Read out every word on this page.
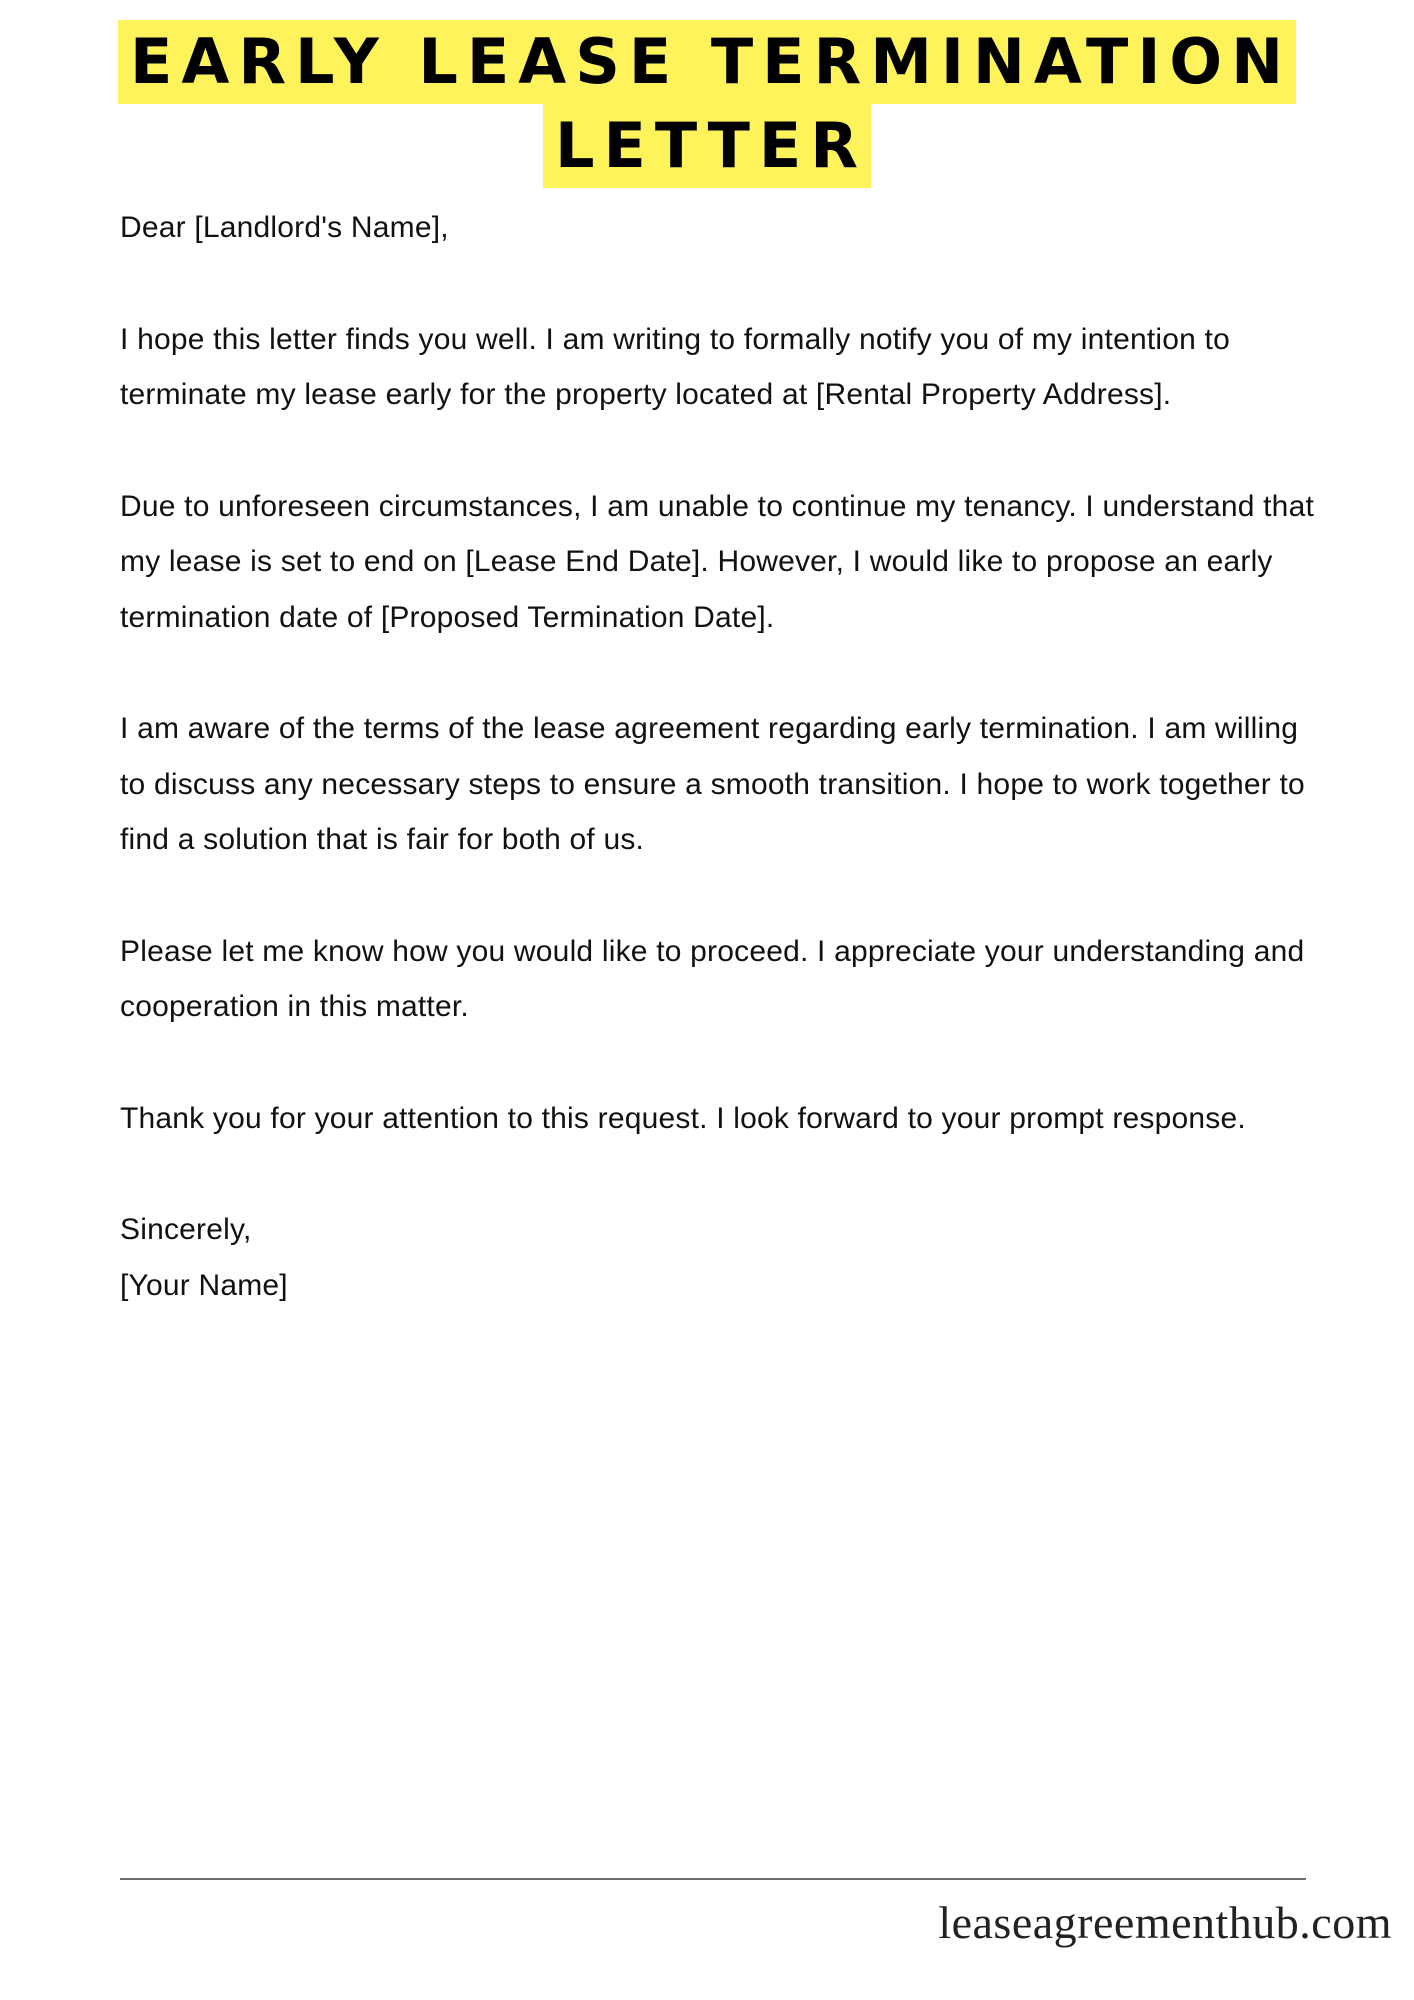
EARLY LEASE TERMINATION
LETTER

Dear [Landlord's Name],

I hope this letter finds you well. I am writing to formally notify you of my intention to terminate my lease early for the property located at [Rental Property Address].

Due to unforeseen circumstances, I am unable to continue my tenancy. I understand that my lease is set to end on [Lease End Date]. However, I would like to propose an early termination date of [Proposed Termination Date].

I am aware of the terms of the lease agreement regarding early termination. I am willing to discuss any necessary steps to ensure a smooth transition. I hope to work together to find a solution that is fair for both of us.

Please let me know how you would like to proceed. I appreciate your understanding and cooperation in this matter.

Thank you for your attention to this request. I look forward to your prompt response.

Sincerely,

[Your Name]

leaseagreementhub.com
